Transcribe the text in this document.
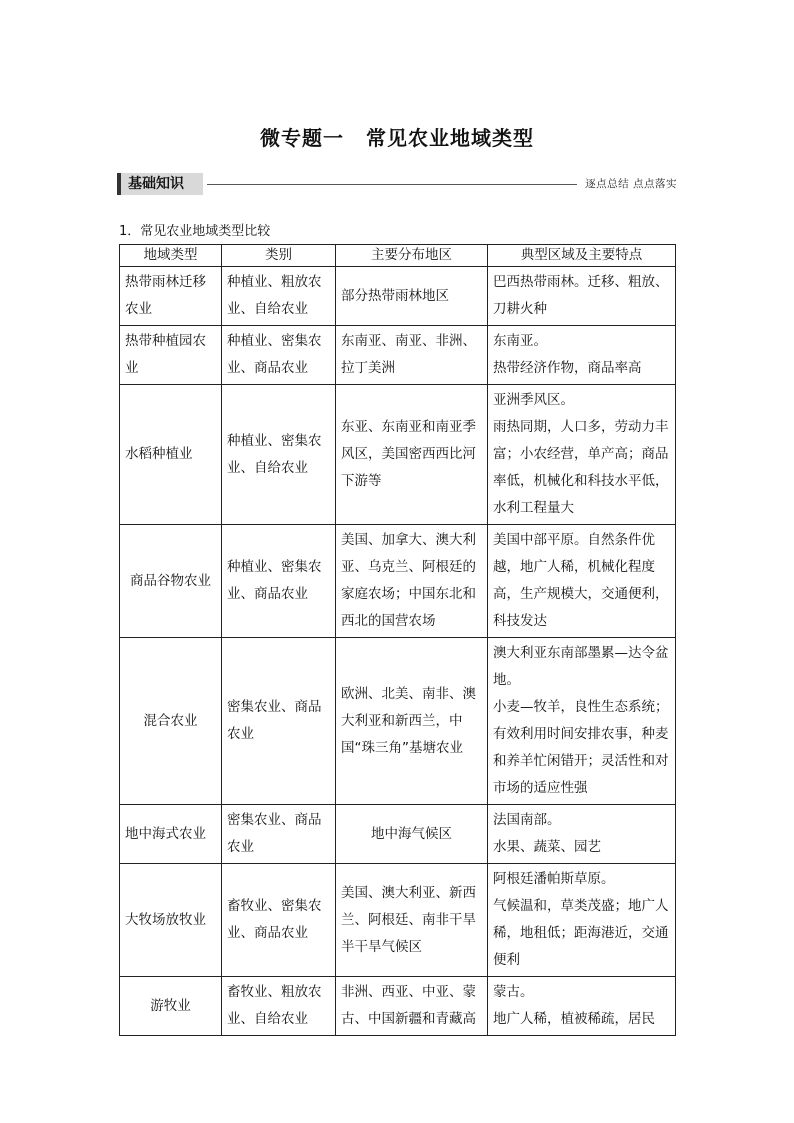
微专题一 常见农业地域类型
基础知识	逐点总结 点点落实
1．常见农业地域类型比较
地域类型	类别	主要分布地区	典型区域及主要特点
热带雨林迁移农业	种植业、粗放农业、自给农业	部分热带雨林地区	巴西热带雨林。迁移、粗放、刀耕火种
热带种植园农业	种植业、密集农业、商品农业	东南亚、南亚、非洲、拉丁美洲	东南亚。
热带经济作物，商品率高
水稻种植业	种植业、密集农业、自给农业	东亚、东南亚和南亚季风区，美国密西西比河下游等	亚洲季风区。
雨热同期，人口多，劳动力丰富；小农经营，单产高；商品率低，机械化和科技水平低，水利工程量大
商品谷物农业	种植业、密集农业、商品农业	美国、加拿大、澳大利亚、乌克兰、阿根廷的家庭农场；中国东北和西北的国营农场	美国中部平原。自然条件优越，地广人稀，机械化程度高，生产规模大，交通便利，科技发达
混合农业	密集农业、商品农业	欧洲、北美、南非、澳大利亚和新西兰，中国“珠三角”基塘农业	澳大利亚东南部墨累—达令盆地。
小麦—牧羊，良性生态系统；有效利用时间安排农事，种麦和养羊忙闲错开；灵活性和对市场的适应性强
地中海式农业	密集农业、商品农业	地中海气候区	法国南部。
水果、蔬菜、园艺
大牧场放牧业	畜牧业、密集农业、商品农业	美国、澳大利亚、新西兰、阿根廷、南非干旱半干旱气候区	阿根廷潘帕斯草原。
气候温和，草类茂盛；地广人稀，地租低；距海港近，交通便利
游牧业	畜牧业、粗放农业、自给农业	非洲、西亚、中亚、蒙古、中国新疆和青藏高	蒙古。
地广人稀，植被稀疏，居民
